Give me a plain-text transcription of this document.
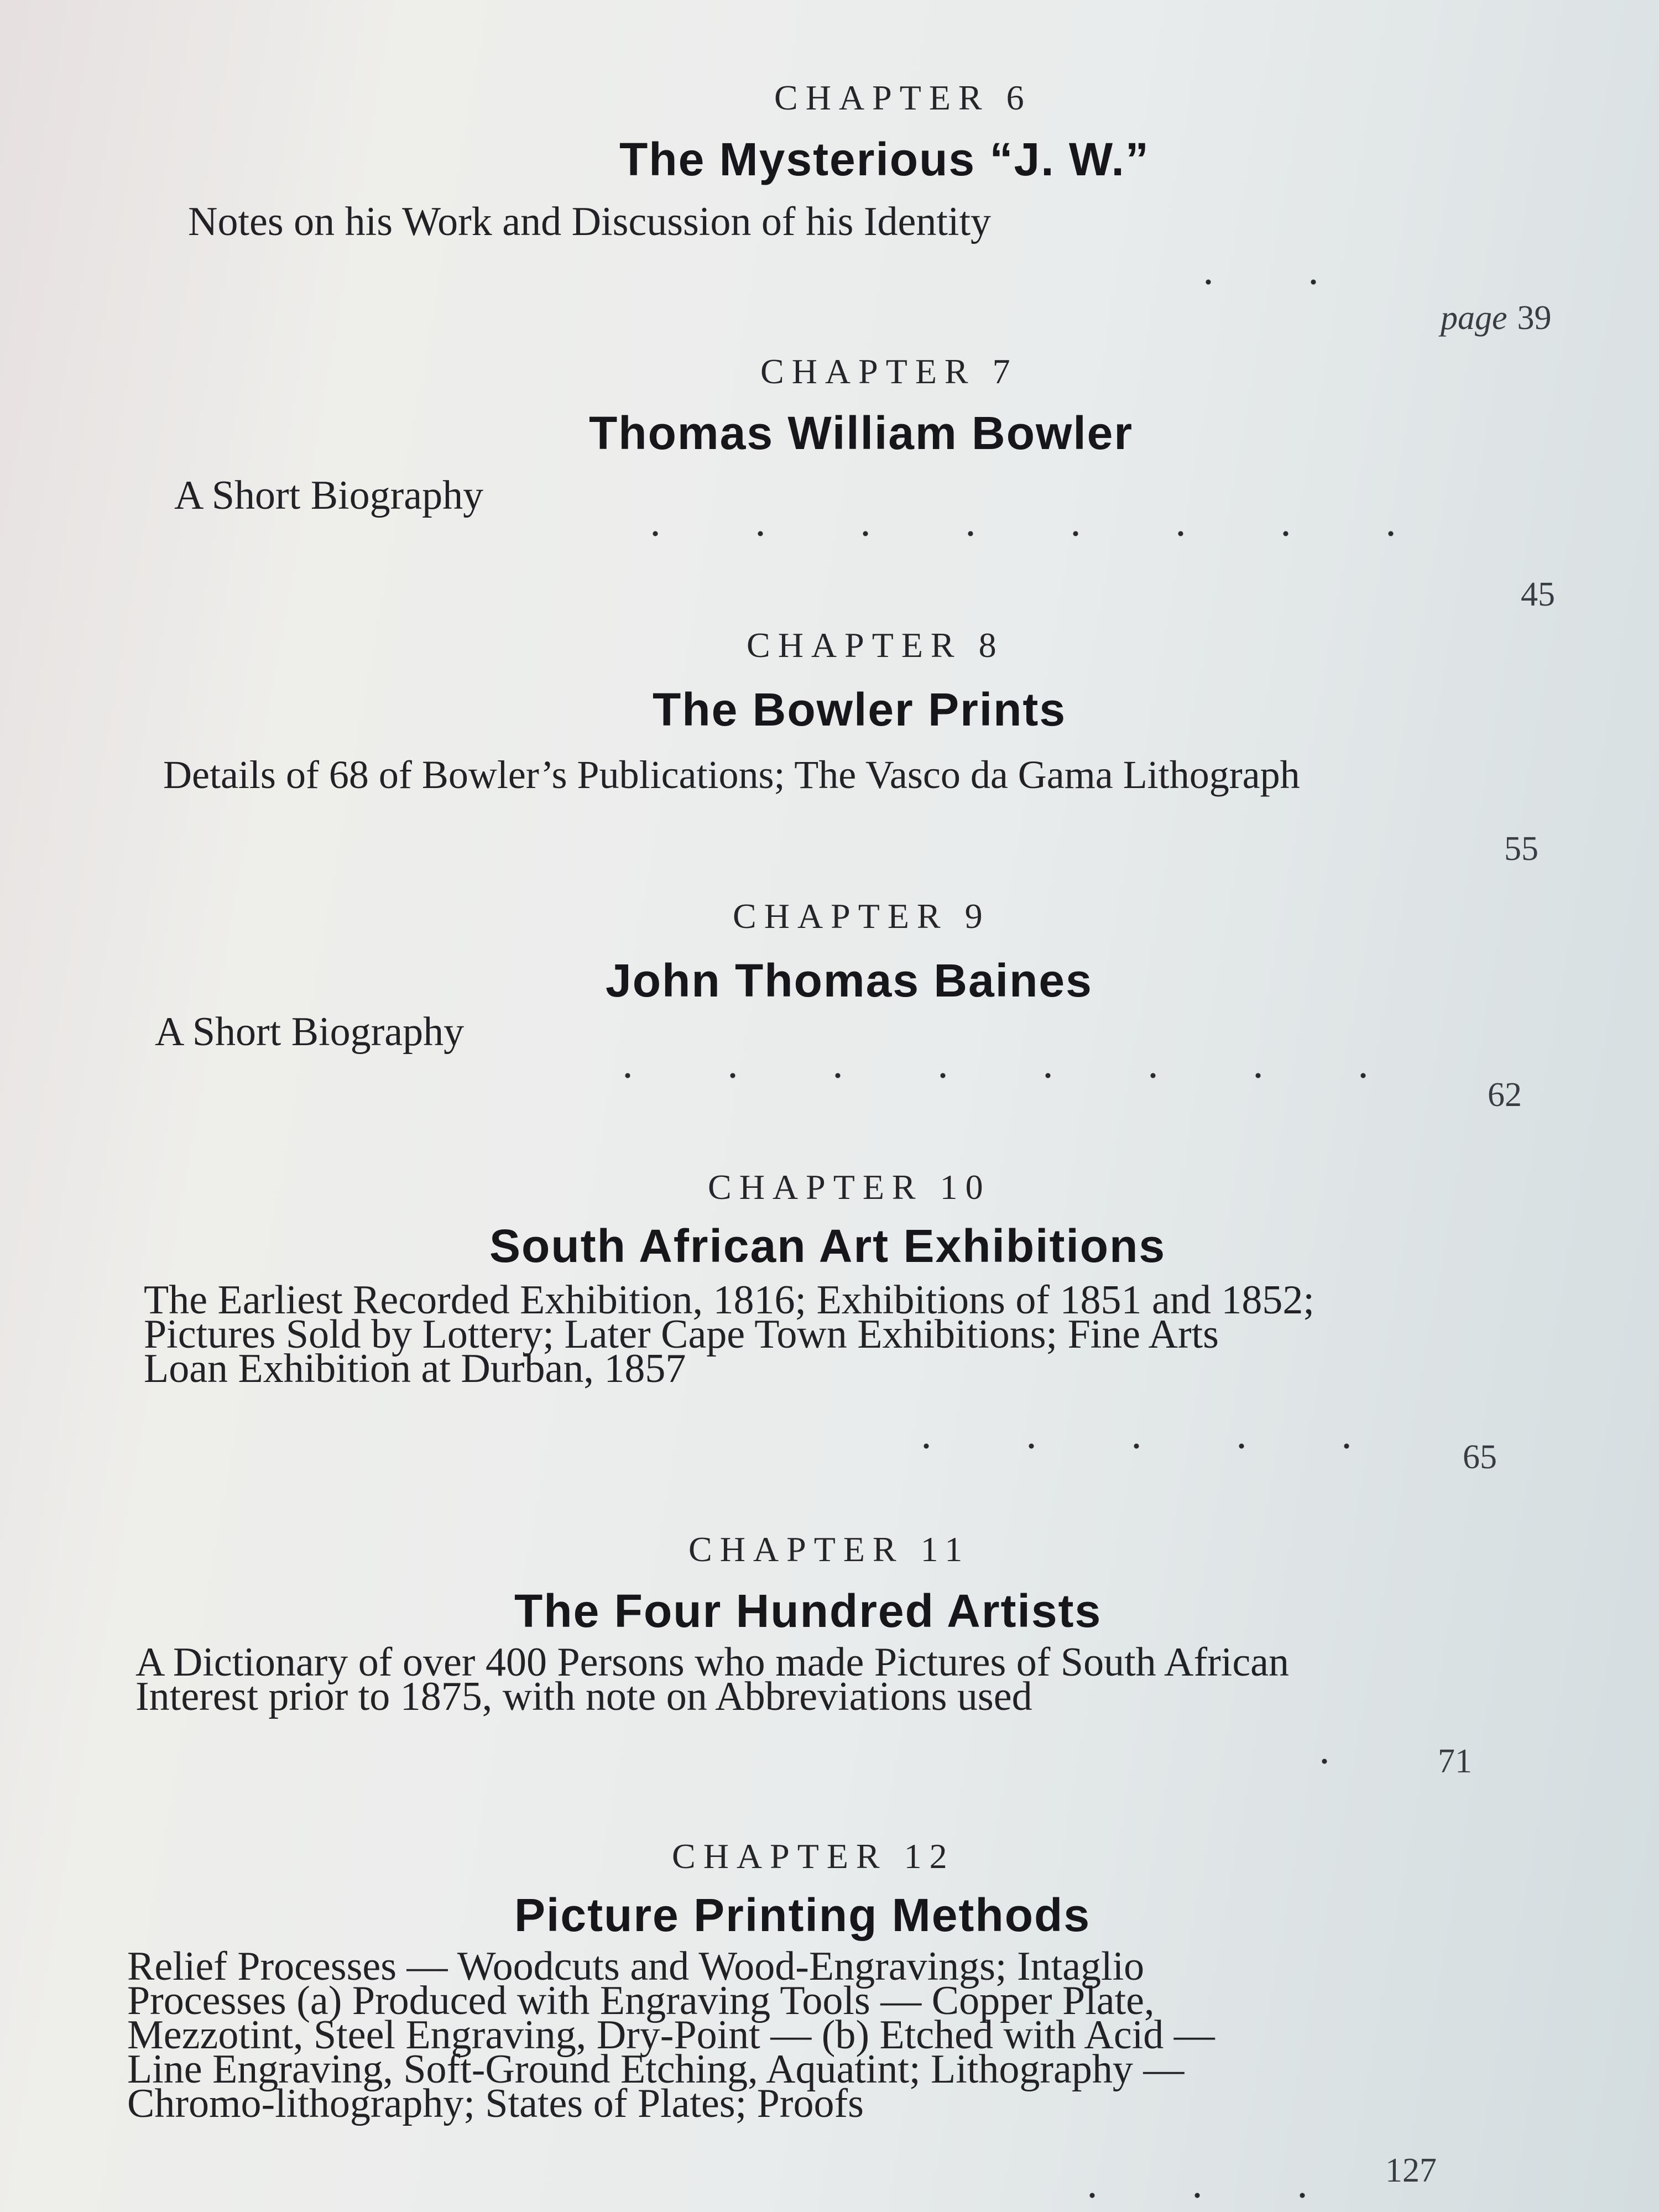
CHAPTER 6
The Mysterious “J. W.”
Notes on his Work and Discussion of his Identity
page 39
CHAPTER 7
Thomas William Bowler
A Short Biography
45
CHAPTER 8
The Bowler Prints
Details of 68 of Bowler’s Publications; The Vasco da Gama Lithograph
55
CHAPTER 9
John Thomas Baines
A Short Biography
62
CHAPTER 10
South African Art Exhibitions
The Earliest Recorded Exhibition, 1816; Exhibitions of 1851 and 1852;
Pictures Sold by Lottery; Later Cape Town Exhibitions; Fine Arts
Loan Exhibition at Durban, 1857
65
CHAPTER 11
The Four Hundred Artists
A Dictionary of over 400 Persons who made Pictures of South African
Interest prior to 1875, with note on Abbreviations used
71
CHAPTER 12
Picture Printing Methods
Relief Processes — Woodcuts and Wood-Engravings; Intaglio
Processes (a) Produced with Engraving Tools — Copper Plate,
Mezzotint, Steel Engraving, Dry-Point — (b) Etched with Acid —
Line Engraving, Soft-Ground Etching, Aquatint; Lithography —
Chromo-lithography; States of Plates; Proofs
127
